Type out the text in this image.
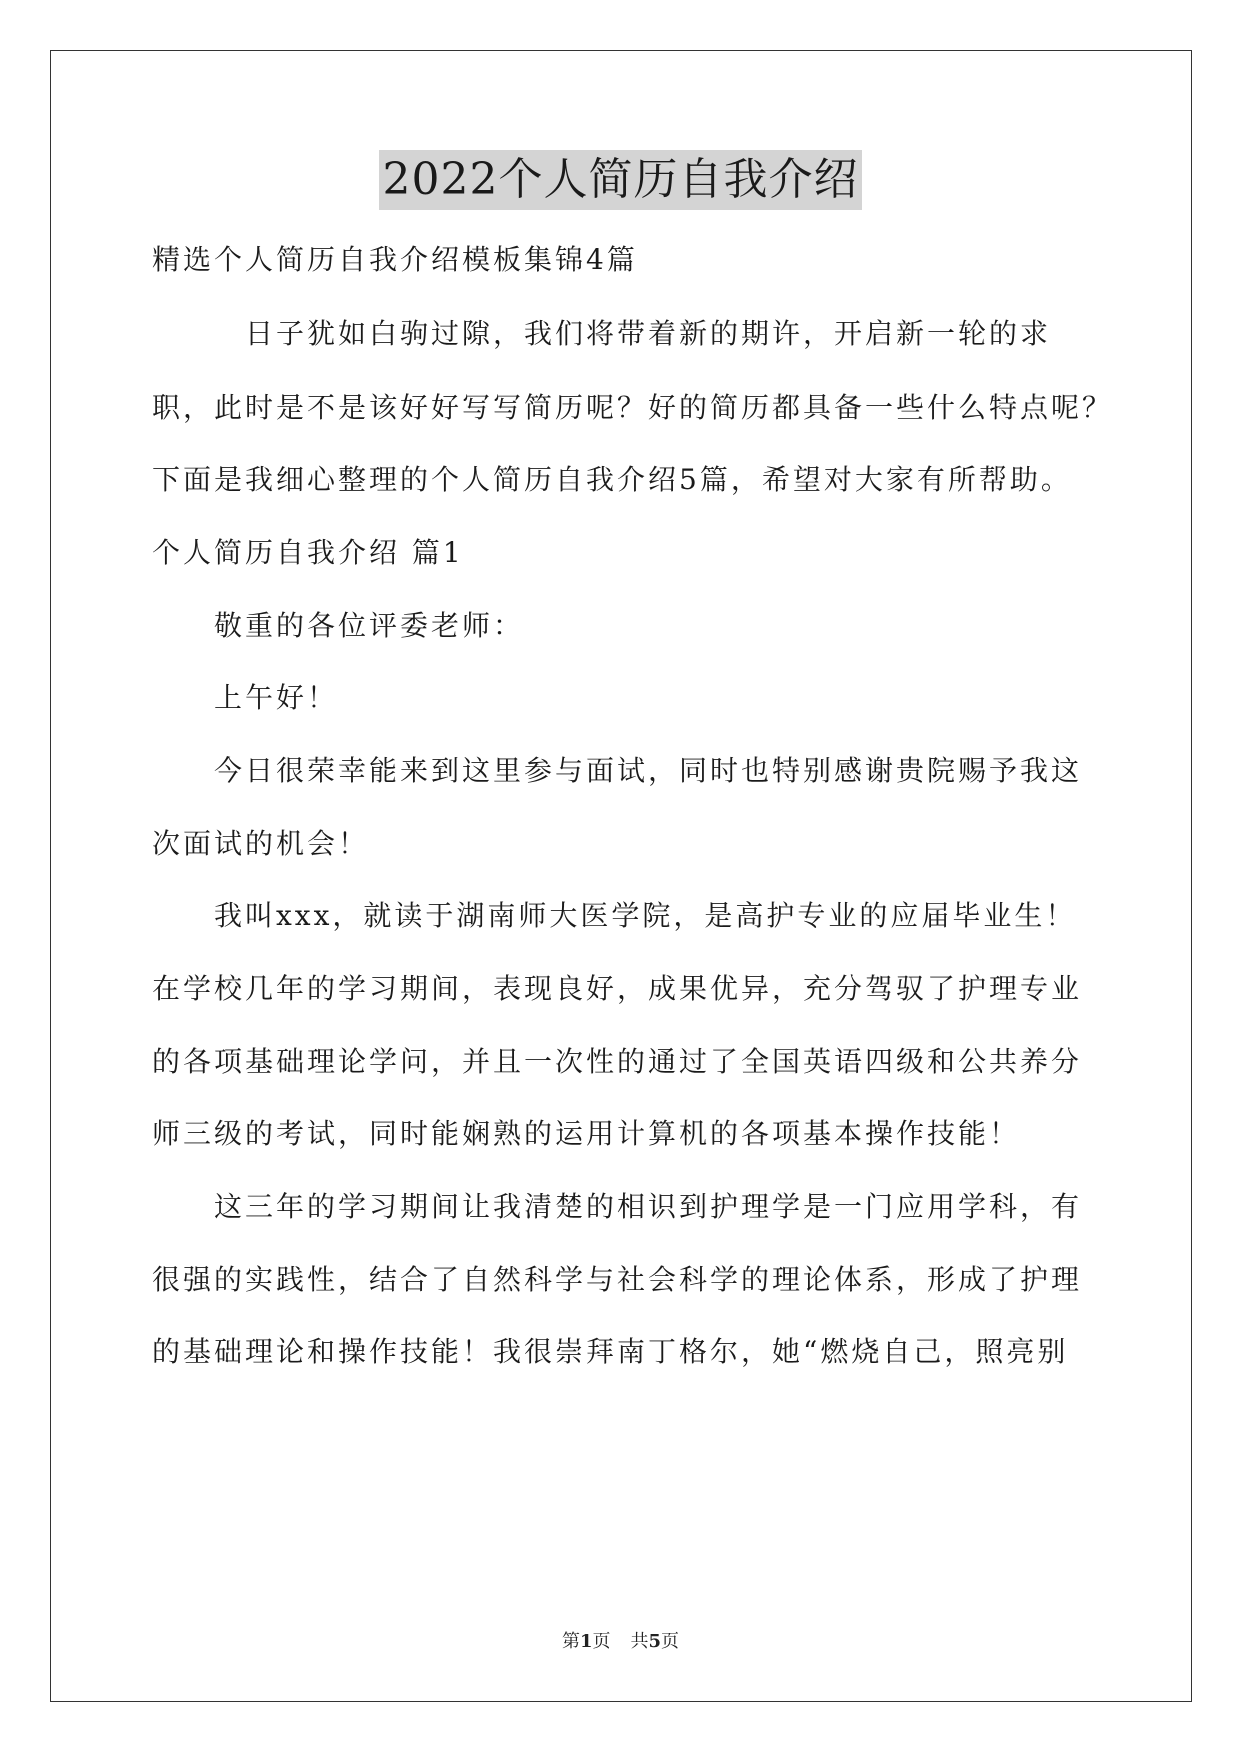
2022个人简历自我介绍
精选个人简历自我介绍模板集锦4篇
　　　日子犹如白驹过隙，我们将带着新的期许，开启新一轮的求
职，此时是不是该好好写写简历呢？好的简历都具备一些什么特点呢？
下面是我细心整理的个人简历自我介绍5篇，希望对大家有所帮助。
个人简历自我介绍 篇1
　　敬重的各位评委老师：
　　上午好！
　　今日很荣幸能来到这里参与面试，同时也特别感谢贵院赐予我这
次面试的机会！
　　我叫xxx，就读于湖南师大医学院，是高护专业的应届毕业生！
在学校几年的学习期间，表现良好，成果优异，充分驾驭了护理专业
的各项基础理论学问，并且一次性的通过了全国英语四级和公共养分
师三级的考试，同时能娴熟的运用计算机的各项基本操作技能！
　　这三年的学习期间让我清楚的相识到护理学是一门应用学科，有
很强的实践性，结合了自然科学与社会科学的理论体系，形成了护理
的基础理论和操作技能！我很崇拜南丁格尔，她“燃烧自己，照亮别
第1页 共5页
